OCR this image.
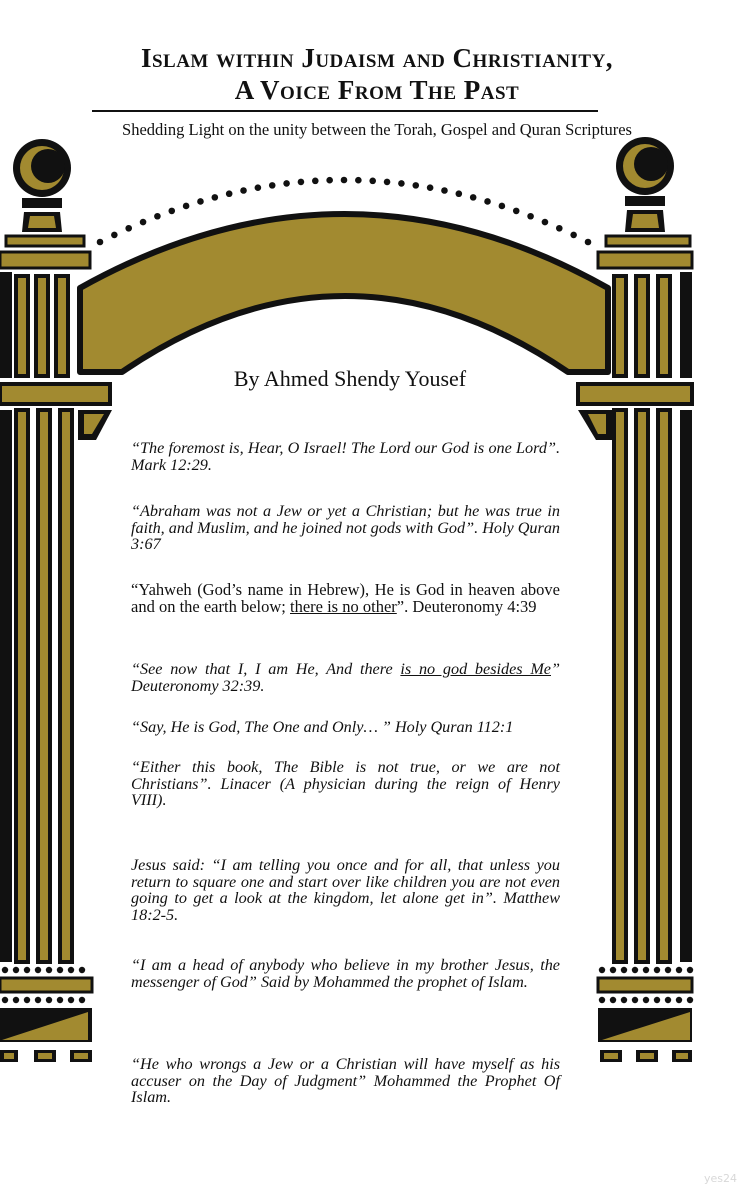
Islam within Judaism and Christianity,
A Voice From The Past
Shedding Light on the unity between the Torah, Gospel and Quran Scriptures
By Ahmed Shendy Yousef
“The foremost is, Hear, O Israel! The Lord our God is one Lord”. Mark 12:29.
“Abraham was not a Jew or yet a Christian; but he was true in faith, and Muslim, and he joined not gods with God”. Holy Quran 3:67
“Yahweh (God’s name in Hebrew), He is God in heaven above and on the earth below; there is no other”. Deuteronomy 4:39
“See now that I, I am He, And there is no god besides Me” Deuteronomy 32:39.
“Say, He is God, The One and Only… ” Holy Quran 112:1
“Either this book, The Bible is not true, or we are not Christians”. Linacer (A physician during the reign of Henry VIII).
Jesus said: “I am telling you once and for all, that unless you return to square one and start over like children you are not even going to get a look at the kingdom, let alone get in”. Matthew 18:2-5.
“I am a head of anybody who believe in my brother Jesus, the messenger of God” Said by Mohammed the prophet of Islam.
“He who wrongs a Jew or a Christian will have myself as his accuser on the Day of Judgment” Mohammed the Prophet Of Islam.
yes24
